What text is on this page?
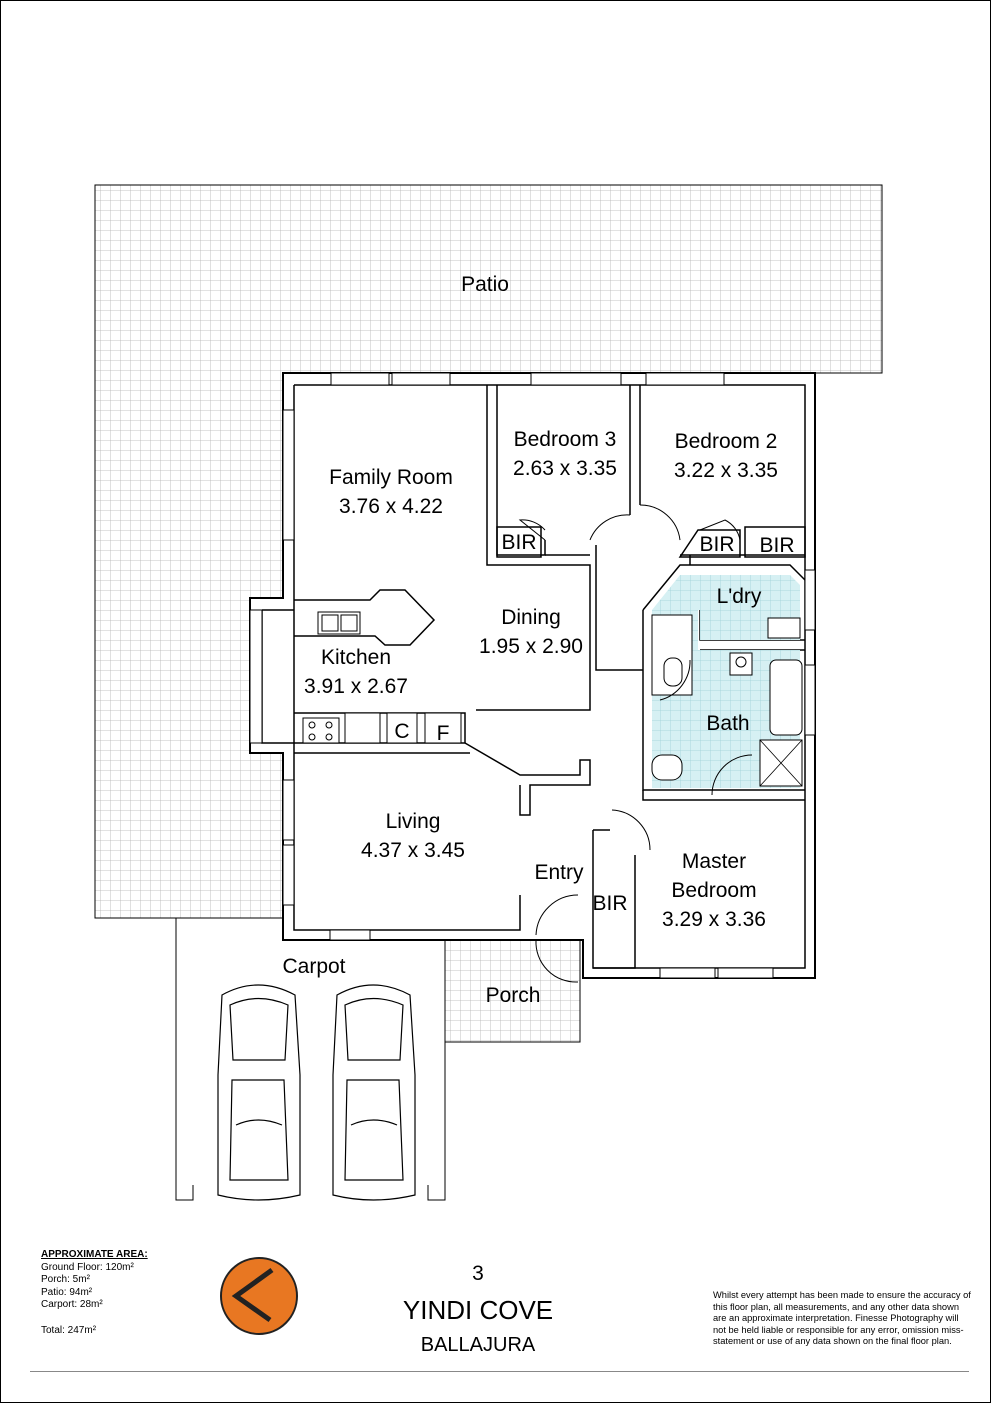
Patio
Family Room
3.76 x 4.22
Bedroom 3
2.63 x 3.35
Bedroom 2
3.22 x 3.35
BIR	BIR BIR
Dining
1.95 x 2.90
L'dry
Kitchen
3.91 x 2.67
C F	Bath
Living
4.37 x 3.45
Entry	Master
Bedroom
3.29 x 3.36
BIR
Carpot
Porch
APPROXIMATE AREA:
Ground Floor: 120m²
Porch: 5m²
Patio: 94m²
Carport: 28m²
Total: 247m²
3
YINDI COVE
BALLAJURA
Whilst every attempt has been made to ensure the accuracy of this floor plan, all measurements, and any other data shown are an approximate interpretation. Finesse Photography will not be held liable or responsible for any error, omission miss-statement or use of any data shown on the final floor plan.
